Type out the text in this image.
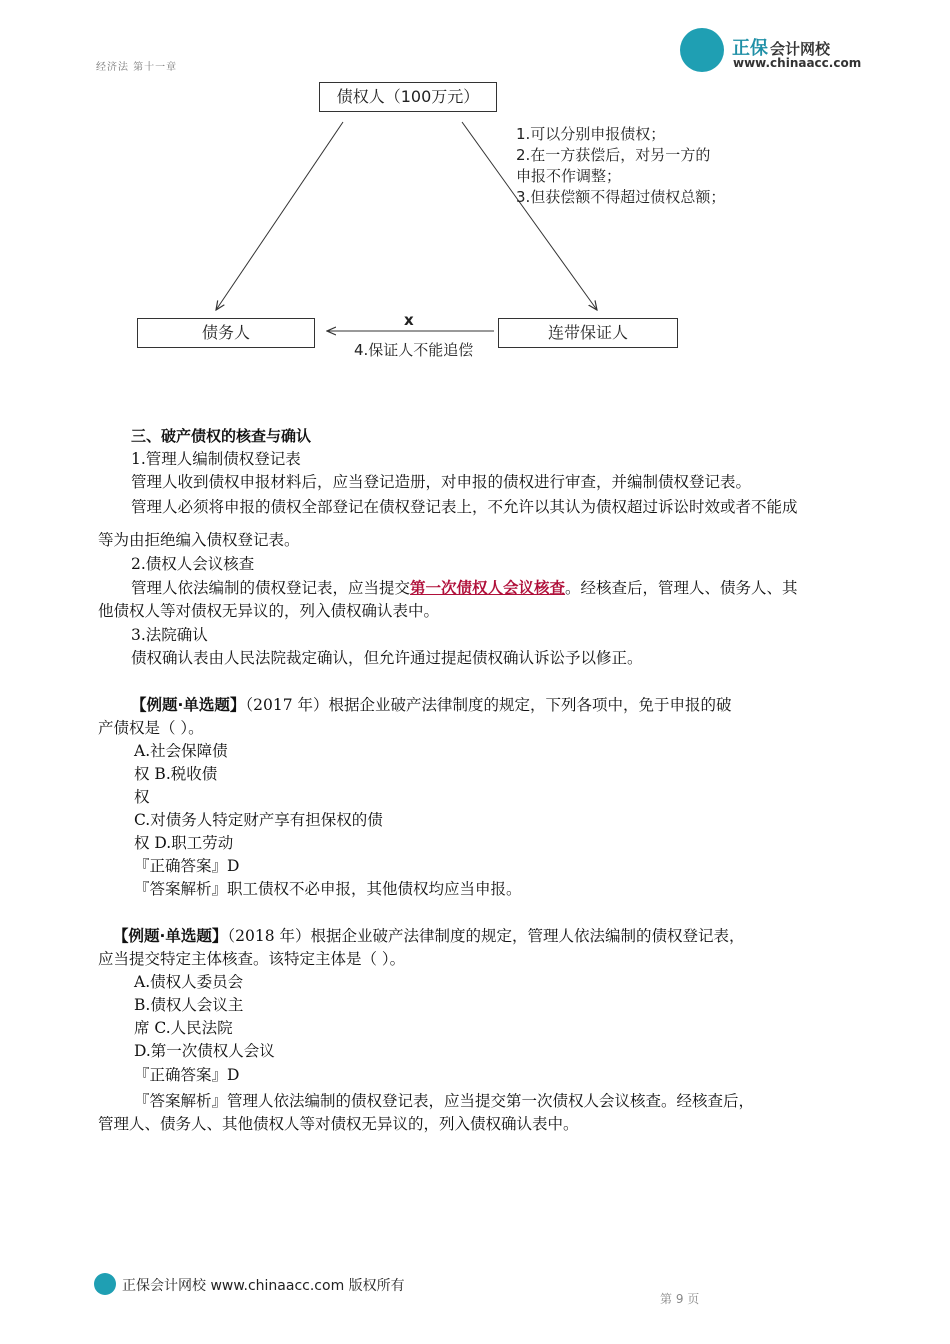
经济法 第十一章
正保 会计网校
www.chinaacc.com
债权人（100万元）
债务人	连带保证人
1.可以分别申报债权；
2.在一方获偿后，对另一方的
申报不作调整；
3.但获偿额不得超过债权总额；
x
4.保证人不能追偿
三、破产债权的核查与确认
1.管理人编制债权登记表
管理人收到债权申报材料后，应当登记造册，对申报的债权进行审查，并编制债权登记表。
管理人必须将申报的债权全部登记在债权登记表上，不允许以其认为债权超过诉讼时效或者不能成
等为由拒绝编入债权登记表。
2.债权人会议核查
管理人依法编制的债权登记表，应当提交第一次债权人会议核查。经核查后，管理人、债务人、其
他债权人等对债权无异议的，列入债权确认表中。
3.法院确认
债权确认表由人民法院裁定确认，但允许通过提起债权确认诉讼予以修正。
【例题·单选题】（2017 年）根据企业破产法律制度的规定，下列各项中，免于申报的破
产债权是（ ）。
A.社会保障债
权 B.税收债
权
C.对债务人特定财产享有担保权的债
权 D.职工劳动
『正确答案』D
『答案解析』职工债权不必申报，其他债权均应当申报。
【例题·单选题】（2018 年）根据企业破产法律制度的规定，管理人依法编制的债权登记表，
应当提交特定主体核查。该特定主体是（ ）。
A.债权人委员会
B.债权人会议主
席 C.人民法院
D.第一次债权人会议
『正确答案』D
『答案解析』管理人依法编制的债权登记表，应当提交第一次债权人会议核查。经核查后，
管理人、债务人、其他债权人等对债权无异议的，列入债权确认表中。
正保会计网校 www.chinaacc.com 版权所有
第 9 页
